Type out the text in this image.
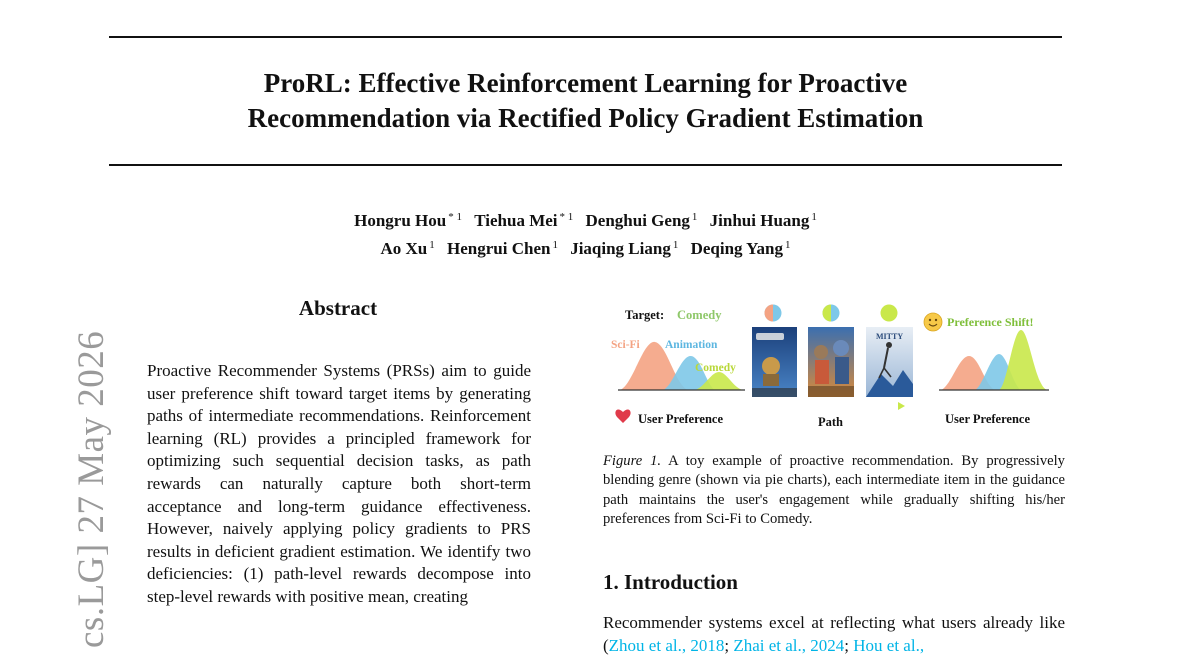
ProRL: Effective Reinforcement Learning for Proactive
Recommendation via Rectified Policy Gradient Estimation
Hongru Hou $^{* 1}$ Tiehua Mei $^{* 1}$ Denghui Geng $^1$ Jinhui Huang $^1$
Ao Xu $^1$ Hengrui Chen $^1$ Jiaqing Liang $^1$ Deqing Yang $^1$
cs.LG] 27 May 2026
Abstract
Proactive Recommender Systems (PRSs) aim to guide user preference shift toward target items by generating paths of intermediate recommendations. Reinforcement learning (RL) provides a principled framework for optimizing such sequential decision tasks, as path rewards can naturally capture both short-term acceptance and long-term guidance effectiveness. However, naively applying policy gradients to PRS results in deficient gradient estimation. We identify two deficiencies: (1) path-level rewards decompose into step-level rewards with positive mean, creating
Target: Comedy
Sci-Fi Animation
Comedy
User Preference
MITTY
Path
Preference Shift!
User Preference
Figure 1. A toy example of proactive recommendation. By progressively blending genre (shown via pie charts), each intermediate item in the guidance path maintains the user's engagement while gradually shifting his/her preferences from Sci-Fi to Comedy.
1. Introduction
Recommender systems excel at reflecting what users already like (Zhou et al., 2018; Zhai et al., 2024; Hou et al.,
